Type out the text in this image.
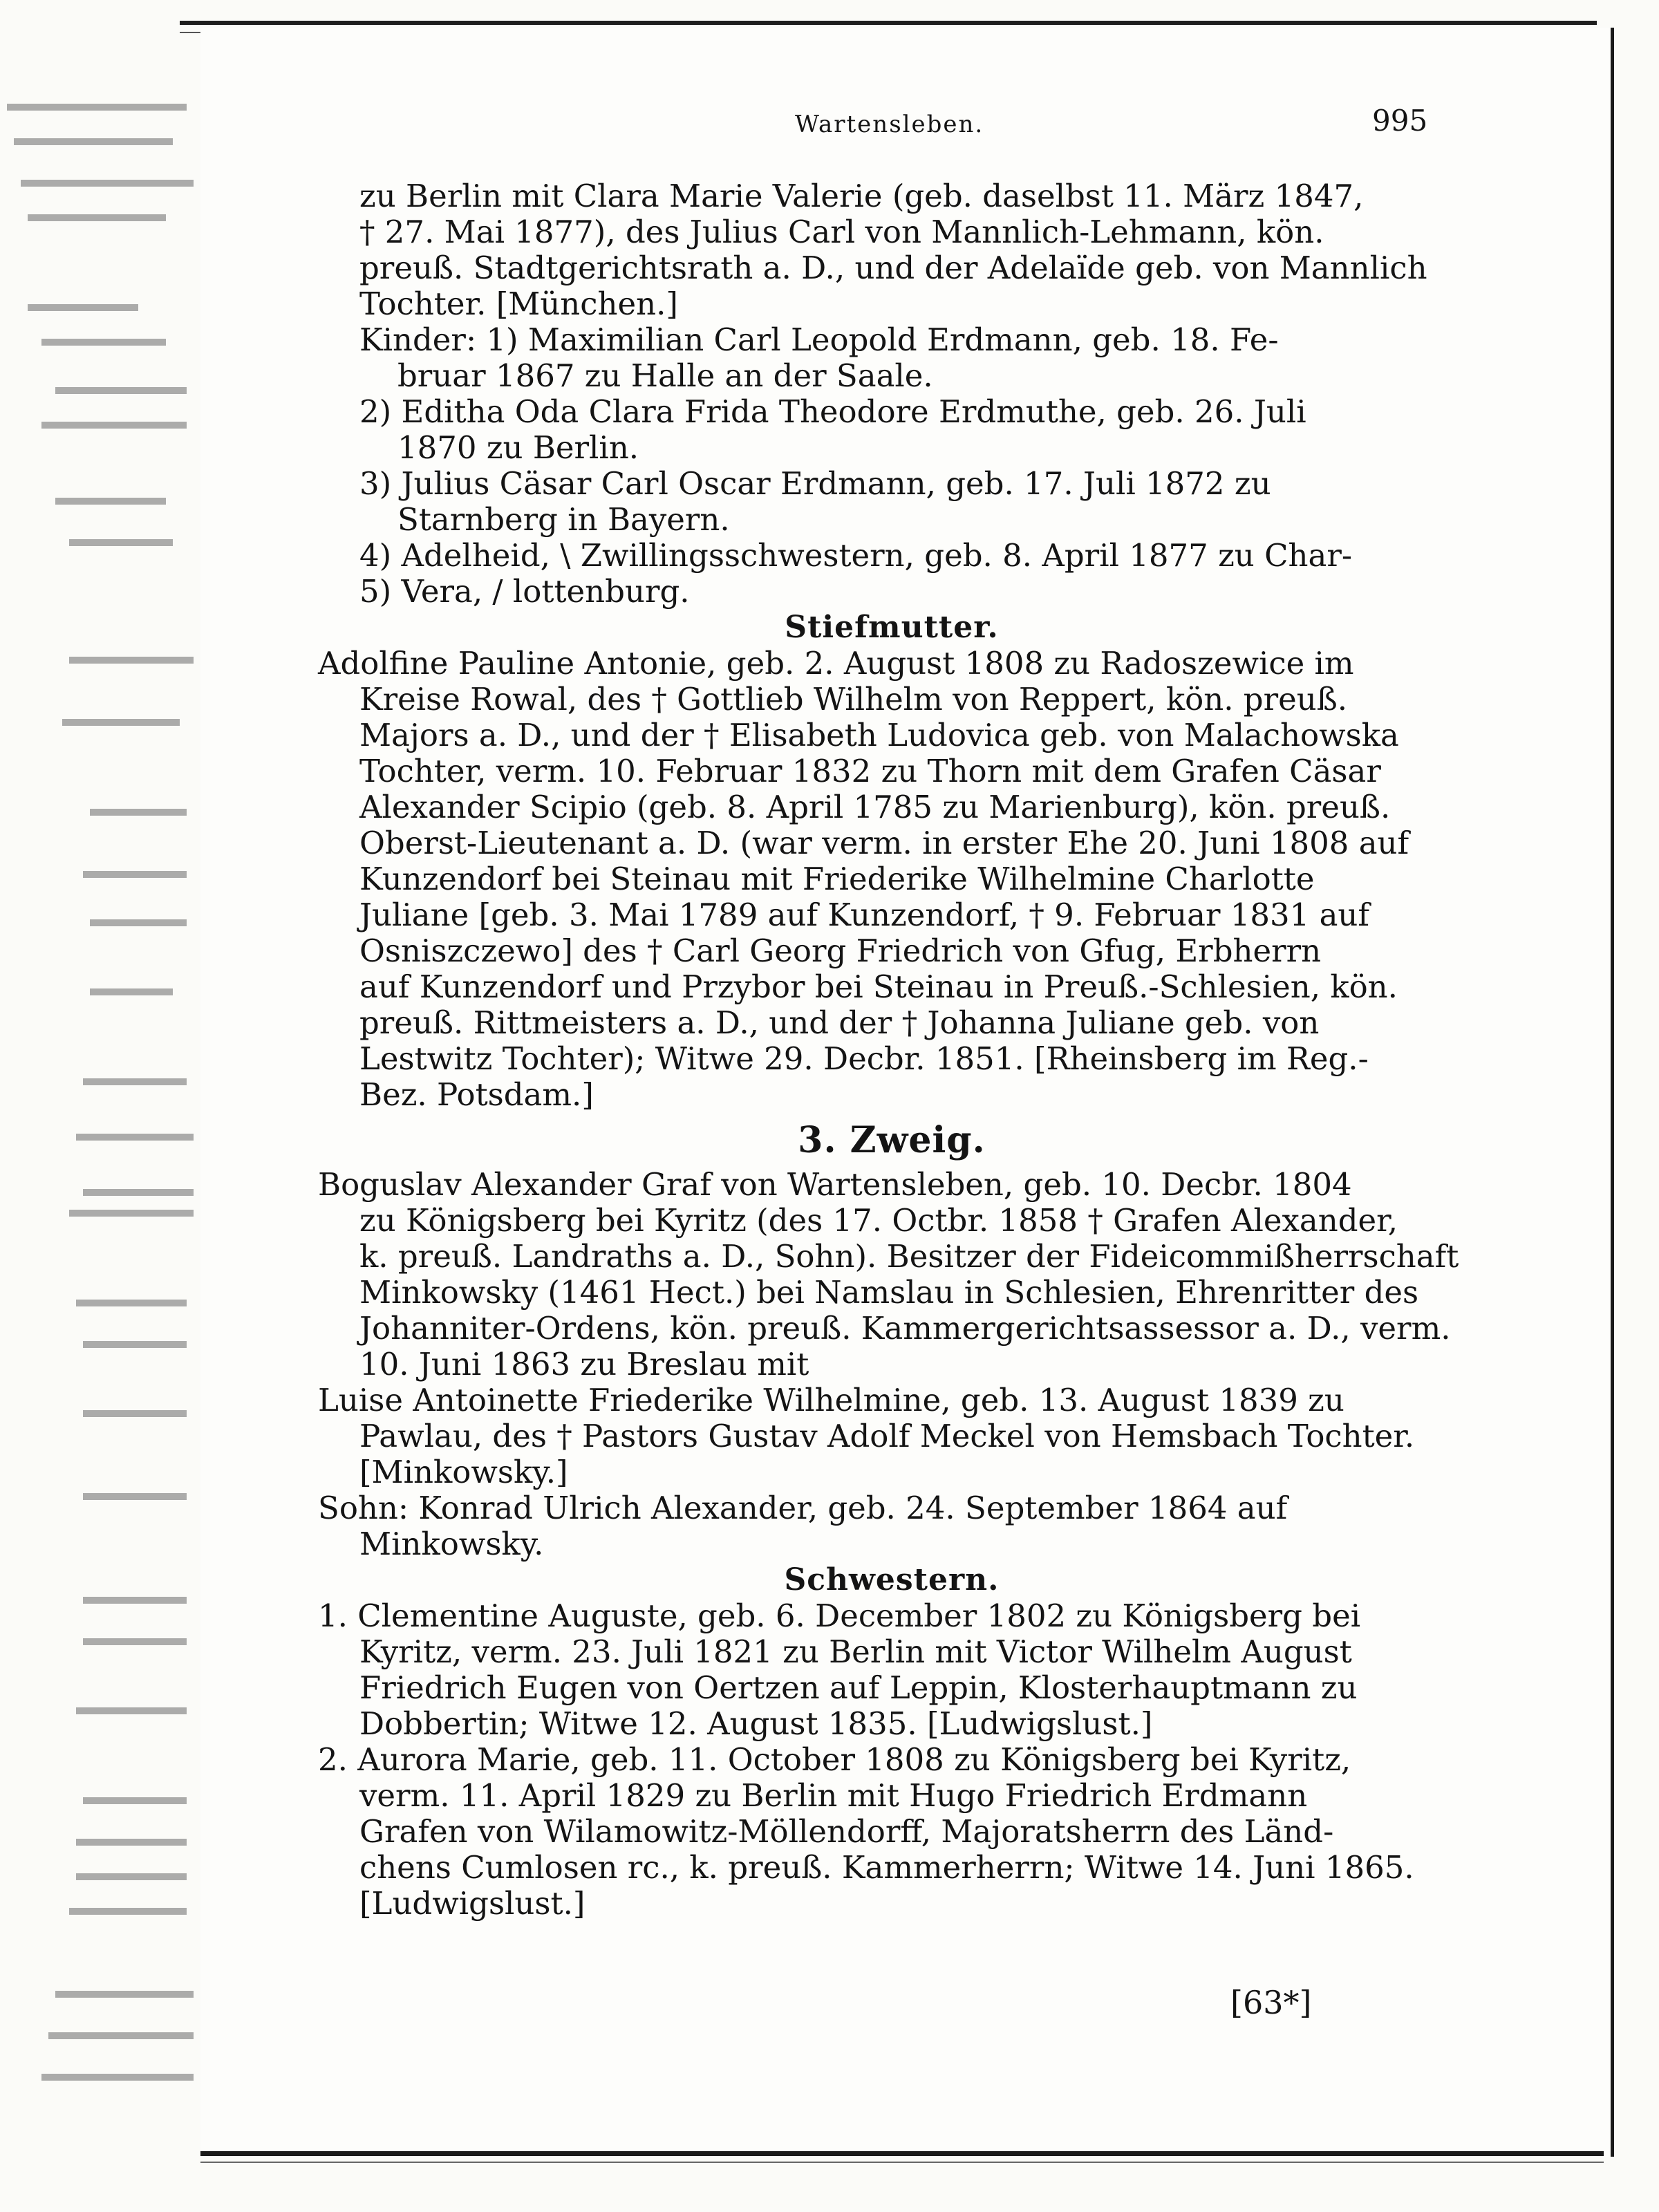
Wartensleben.	995
zu Berlin mit Clara Marie Valerie (geb. daselbst 11. März 1847,
† 27. Mai 1877), des Julius Carl von Mannlich-Lehmann, kön.
preuß. Stadtgerichtsrath a. D., und der Adelaïde geb. von Mannlich
Tochter. [München.]
Kinder: 1) Maximilian Carl Leopold Erdmann, geb. 18. Fe-
bruar 1867 zu Halle an der Saale.
2) Editha Oda Clara Frida Theodore Erdmuthe, geb. 26. Juli
1870 zu Berlin.
3) Julius Cäsar Carl Oscar Erdmann, geb. 17. Juli 1872 zu
Starnberg in Bayern.
4) Adelheid, \ Zwillingsschwestern, geb. 8. April 1877 zu Char-
5) Vera, / lottenburg.
Stiefmutter.
Adolfine Pauline Antonie, geb. 2. August 1808 zu Radoszewice im
Kreise Rowal, des † Gottlieb Wilhelm von Reppert, kön. preuß.
Majors a. D., und der † Elisabeth Ludovica geb. von Malachowska
Tochter, verm. 10. Februar 1832 zu Thorn mit dem Grafen Cäsar
Alexander Scipio (geb. 8. April 1785 zu Marienburg), kön. preuß.
Oberst-Lieutenant a. D. (war verm. in erster Ehe 20. Juni 1808 auf
Kunzendorf bei Steinau mit Friederike Wilhelmine Charlotte
Juliane [geb. 3. Mai 1789 auf Kunzendorf, † 9. Februar 1831 auf
Osniszczewo] des † Carl Georg Friedrich von Gfug, Erbherrn
auf Kunzendorf und Przybor bei Steinau in Preuß.-Schlesien, kön.
preuß. Rittmeisters a. D., und der † Johanna Juliane geb. von
Lestwitz Tochter); Witwe 29. Decbr. 1851. [Rheinsberg im Reg.-
Bez. Potsdam.]
3. Zweig.
Boguslav Alexander Graf von Wartensleben, geb. 10. Decbr. 1804
zu Königsberg bei Kyritz (des 17. Octbr. 1858 † Grafen Alexander,
k. preuß. Landraths a. D., Sohn). Besitzer der Fideicommißherrschaft
Minkowsky (1461 Hect.) bei Namslau in Schlesien, Ehrenritter des
Johanniter-Ordens, kön. preuß. Kammergerichtsassessor a. D., verm.
10. Juni 1863 zu Breslau mit
Luise Antoinette Friederike Wilhelmine, geb. 13. August 1839 zu
Pawlau, des † Pastors Gustav Adolf Meckel von Hemsbach Tochter.
[Minkowsky.]
Sohn: Konrad Ulrich Alexander, geb. 24. September 1864 auf
Minkowsky.
Schwestern.
1. Clementine Auguste, geb. 6. December 1802 zu Königsberg bei
Kyritz, verm. 23. Juli 1821 zu Berlin mit Victor Wilhelm August
Friedrich Eugen von Oertzen auf Leppin, Klosterhauptmann zu
Dobbertin; Witwe 12. August 1835. [Ludwigslust.]
2. Aurora Marie, geb. 11. October 1808 zu Königsberg bei Kyritz,
verm. 11. April 1829 zu Berlin mit Hugo Friedrich Erdmann
Grafen von Wilamowitz-Möllendorff, Majoratsherrn des Länd-
chens Cumlosen rc., k. preuß. Kammerherrn; Witwe 14. Juni 1865.
[Ludwigslust.]
[63*]
